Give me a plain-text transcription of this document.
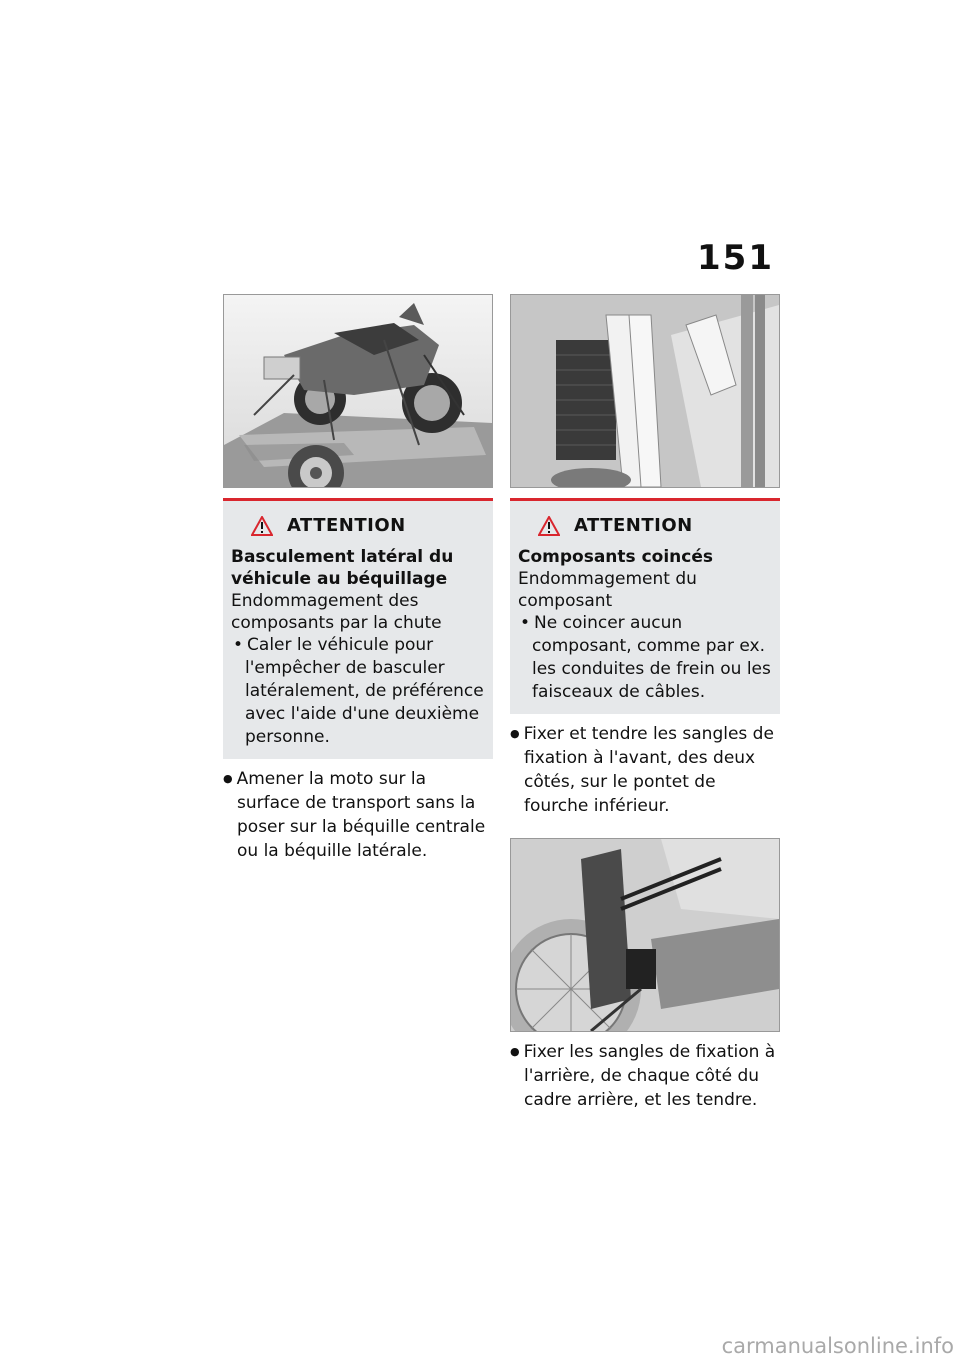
151
ATTENTION
Basculement latéral du véhicule au béquillage
Endommagement des composants par la chute
• Caler le véhicule pour l'empêcher de basculer latéralement, de préférence avec l'aide d'une deuxième personne.
● Amener la moto sur la surface de transport sans la poser sur la béquille centrale ou la béquille latérale.
ATTENTION
Composants coincés
Endommagement du composant
• Ne coincer aucun composant, comme par ex. les conduites de frein ou les faisceaux de câbles.
● Fixer et tendre les sangles de fixation à l'avant, des deux côtés, sur le pontet de fourche inférieur.
● Fixer les sangles de fixation à l'arrière, de chaque côté du cadre arrière, et les tendre.
carmanualsonline.info
